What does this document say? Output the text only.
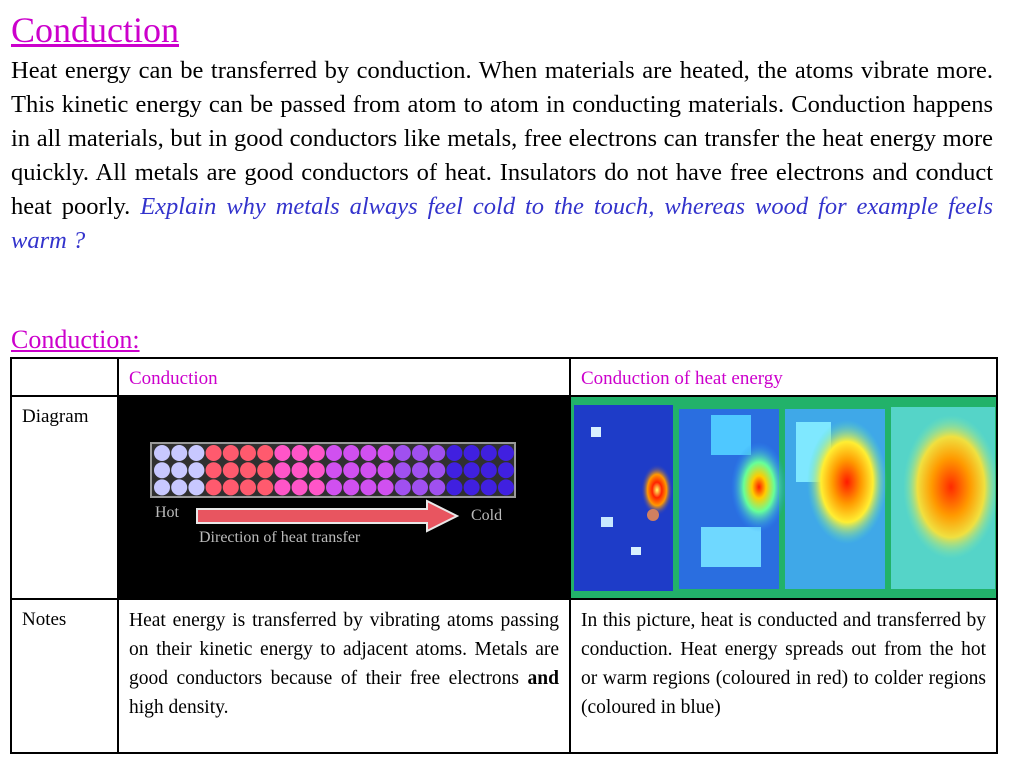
Conduction
Heat energy can be transferred by conduction. When materials are heated, the atoms vibrate more. This kinetic energy can be passed from atom to atom in conducting materials. Conduction happens in all materials, but in good conductors like metals, free electrons can transfer the heat energy more quickly. All metals are good conductors of heat. Insulators do not have free electrons and conduct heat poorly. Explain why metals always feel cold to the touch, whereas wood for example feels warm ?
Conduction:
	Conduction	Conduction of heat energy
Diagram	Hot Cold
Direction of heat transfer

Notes	Heat energy is transferred by vibrating atoms passing on their kinetic energy to adjacent atoms. Metals are good conductors because of their free electrons and high density.	In this picture, heat is conducted and transferred by conduction. Heat energy spreads out from the hot or warm regions (coloured in red) to colder regions (coloured in blue)
